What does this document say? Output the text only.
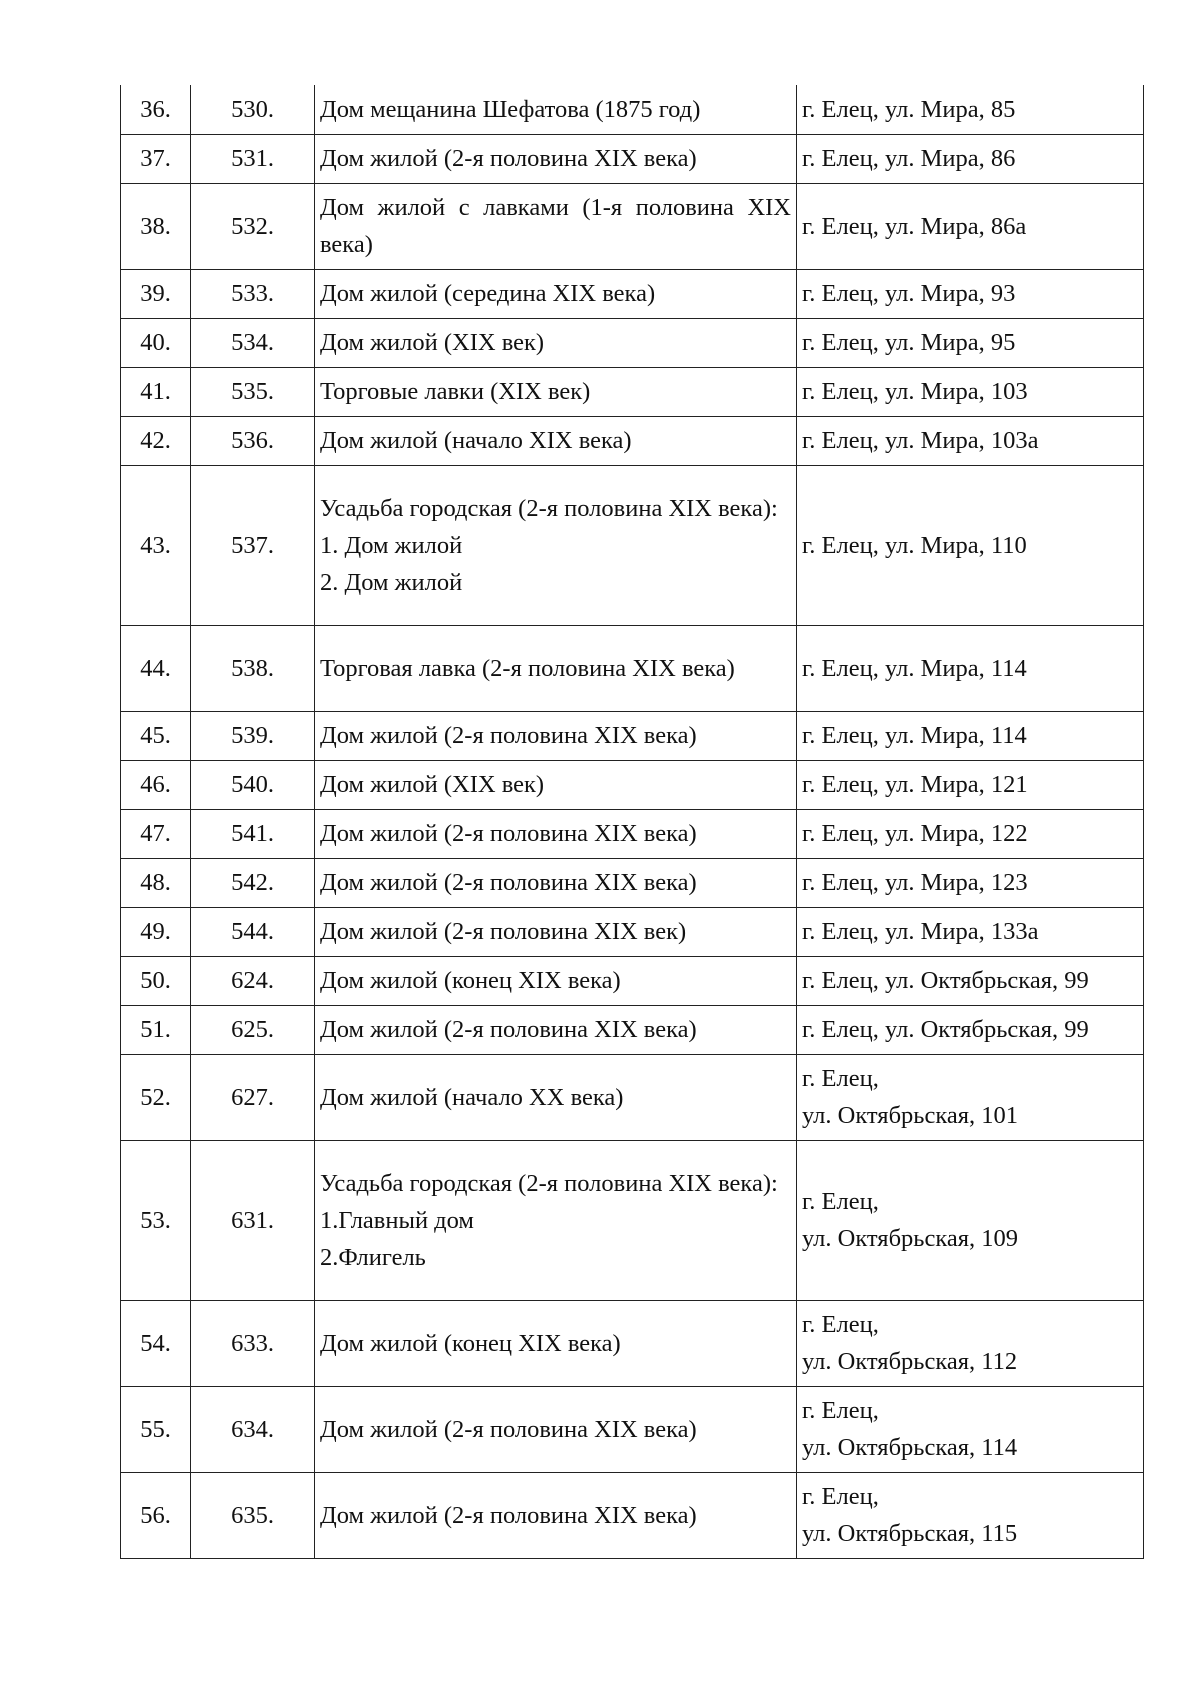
36.	530.	Дом мещанина Шефатова (1875 год)	г. Елец, ул. Мира, 85

37.	531.	Дом жилой (2-я половина XIX века)	г. Елец, ул. Мира, 86

38.	532.	Дом жилой с лавками (1-я половина XIX века)	г. Елец, ул. Мира, 86а

39.	533.	Дом жилой (середина XIX века)	г. Елец, ул. Мира, 93

40.	534.	Дом жилой (XIX век)	г. Елец, ул. Мира, 95

41.	535.	Торговые лавки (XIX век)	г. Елец, ул. Мира, 103

42.	536.	Дом жилой (начало XIX века)	г. Елец, ул. Мира, 103а

43.	537.	Усадьба городская (2-я половина XIX века):
1. Дом жилой
2. Дом жилой	г. Елец, ул. Мира, 110

44.	538.	Торговая лавка (2-я половина XIX века)	г. Елец, ул. Мира, 114

45.	539.	Дом жилой (2-я половина XIX века)	г. Елец, ул. Мира, 114

46.	540.	Дом жилой (XIX век)	г. Елец, ул. Мира, 121

47.	541.	Дом жилой (2-я половина XIX века)	г. Елец, ул. Мира, 122

48.	542.	Дом жилой (2-я половина XIX века)	г. Елец, ул. Мира, 123

49.	544.	Дом жилой (2-я половина XIX век)	г. Елец, ул. Мира, 133а

50.	624.	Дом жилой (конец XIX века)	г. Елец, ул. Октябрьская, 99

51.	625.	Дом жилой (2-я половина XIX века)	г. Елец, ул. Октябрьская, 99

52.	627.	Дом жилой (начало XX века)	г. Елец,
ул. Октябрьская, 101

53.	631.	Усадьба городская (2-я половина XIX века):
1.Главный дом
2.Флигель	г. Елец,
ул. Октябрьская, 109

54.	633.	Дом жилой (конец XIX века)	г. Елец,
ул. Октябрьская, 112

55.	634.	Дом жилой (2-я половина XIX века)	г. Елец,
ул. Октябрьская, 114

56.	635.	Дом жилой (2-я половина XIX века)	г. Елец,
ул. Октябрьская, 115
